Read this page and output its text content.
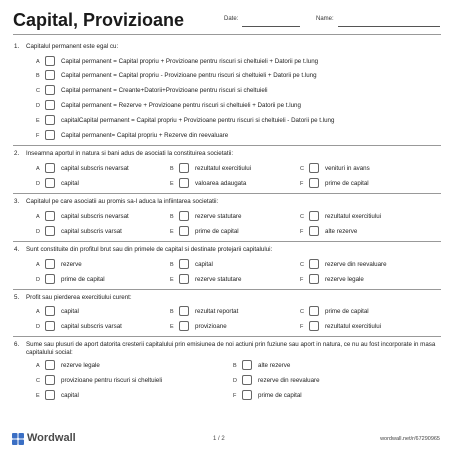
Capital, Provizioane	Date:	Name:
1. Capitalul permanent este egal cu:
A	Capital permanent = Capital propriu + Provizioane pentru riscuri si cheltuieli + Datorii pe t.lung
B	Capital permanent = Capital propriu - Provizioane pentru riscuri si cheltuieli + Datorii pe t.lung
C	Capital permanent = Creante+Datorii+Provizioane pentru riscuri si cheltuieli
D	Capital permanent = Rezerve + Provizioane pentru riscuri si cheltuieli + Datorii pe t.lung
E	capitalCapital permanent = Capital propriu + Provizioane pentru riscuri si cheltuieli - Datorii pe t.lung
F	Capital permanent= Capital propriu + Rezerve din reevaluare
2. Inseamna aportul in natura si bani adus de asociati la constituirea societatii:
A	capital subscris nevarsat	B	rezultatul exercitiului	C	venituri in avans
D	capital	E	valoarea adaugata	F	prime de capital
3. Capitalul pe care asociatii au promis sa-l aduca la infiintarea societatii:
A	capital subscris nevarsat	B	rezerve statutare	C	rezultatul exercitiului
D	capital subscris varsat	E	prime de capital	F	alte rezerve
4. Sunt constituite din profitul brut sau din primele de capital si destinate protejarii capitalului:
A	rezerve	B	capital	C	rezerve din reevaluare
D	prime de capital	E	rezerve statutare	F	rezerve legale
5. Profit sau pierderea exercitiului curent:
A	capital	B	rezultat reportat	C	prime de capital
D	capital subscris varsat	E	provizioane	F	rezultatul exercitiului
6. Sume sau plusuri de aport datorita cresterii capitalului prin emisiunea de noi actiuni prin fuziune sau aport in natura, ce nu au fost incorporate in masa capitalului social:
A	rezerve legale	B	alte rezerve
C	provizioane pentru riscuri si cheltuieli	D	rezerve din reevaluare
E	capital	F	prime de capital
Wordwall	1 / 2	wordwall.net/r/67290965
